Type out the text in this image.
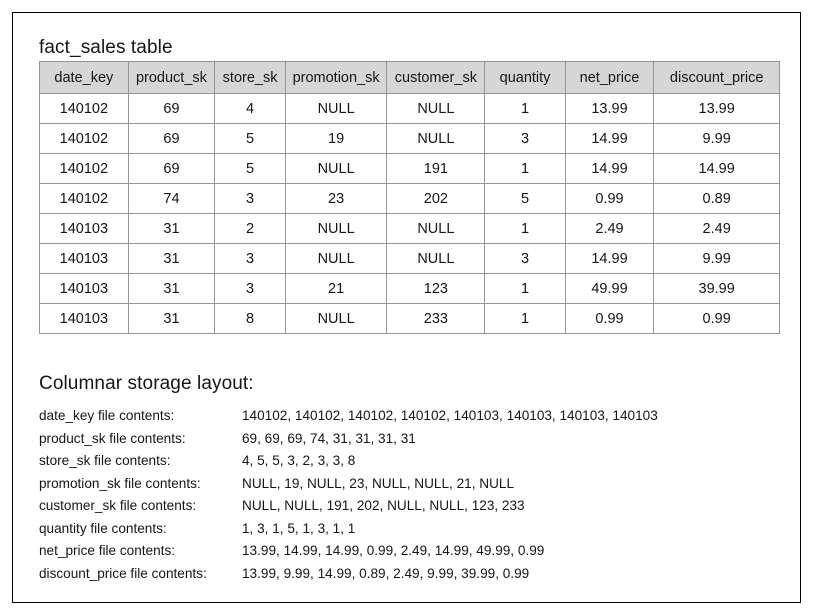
fact_sales table
date_key	product_sk	store_sk	promotion_sk	customer_sk	quantity	net_price	discount_price
140102	69	4	NULL	NULL	1	13.99	13.99
140102	69	5	19	NULL	3	14.99	9.99
140102	69	5	NULL	191	1	14.99	14.99
140102	74	3	23	202	5	0.99	0.89
140103	31	2	NULL	NULL	1	2.49	2.49
140103	31	3	NULL	NULL	3	14.99	9.99
140103	31	3	21	123	1	49.99	39.99
140103	31	8	NULL	233	1	0.99	0.99
Columnar storage layout:
date_key file contents:	140102, 140102, 140102, 140102, 140103, 140103, 140103, 140103
product_sk file contents:	69, 69, 69, 74, 31, 31, 31, 31
store_sk file contents:	4, 5, 5, 3, 2, 3, 3, 8
promotion_sk file contents:	NULL, 19, NULL, 23, NULL, NULL, 21, NULL
customer_sk file contents:	NULL, NULL, 191, 202, NULL, NULL, 123, 233
quantity file contents:	1, 3, 1, 5, 1, 3, 1, 1
net_price file contents:	13.99, 14.99, 14.99, 0.99, 2.49, 14.99, 49.99, 0.99
discount_price file contents:	13.99, 9.99, 14.99, 0.89, 2.49, 9.99, 39.99, 0.99
